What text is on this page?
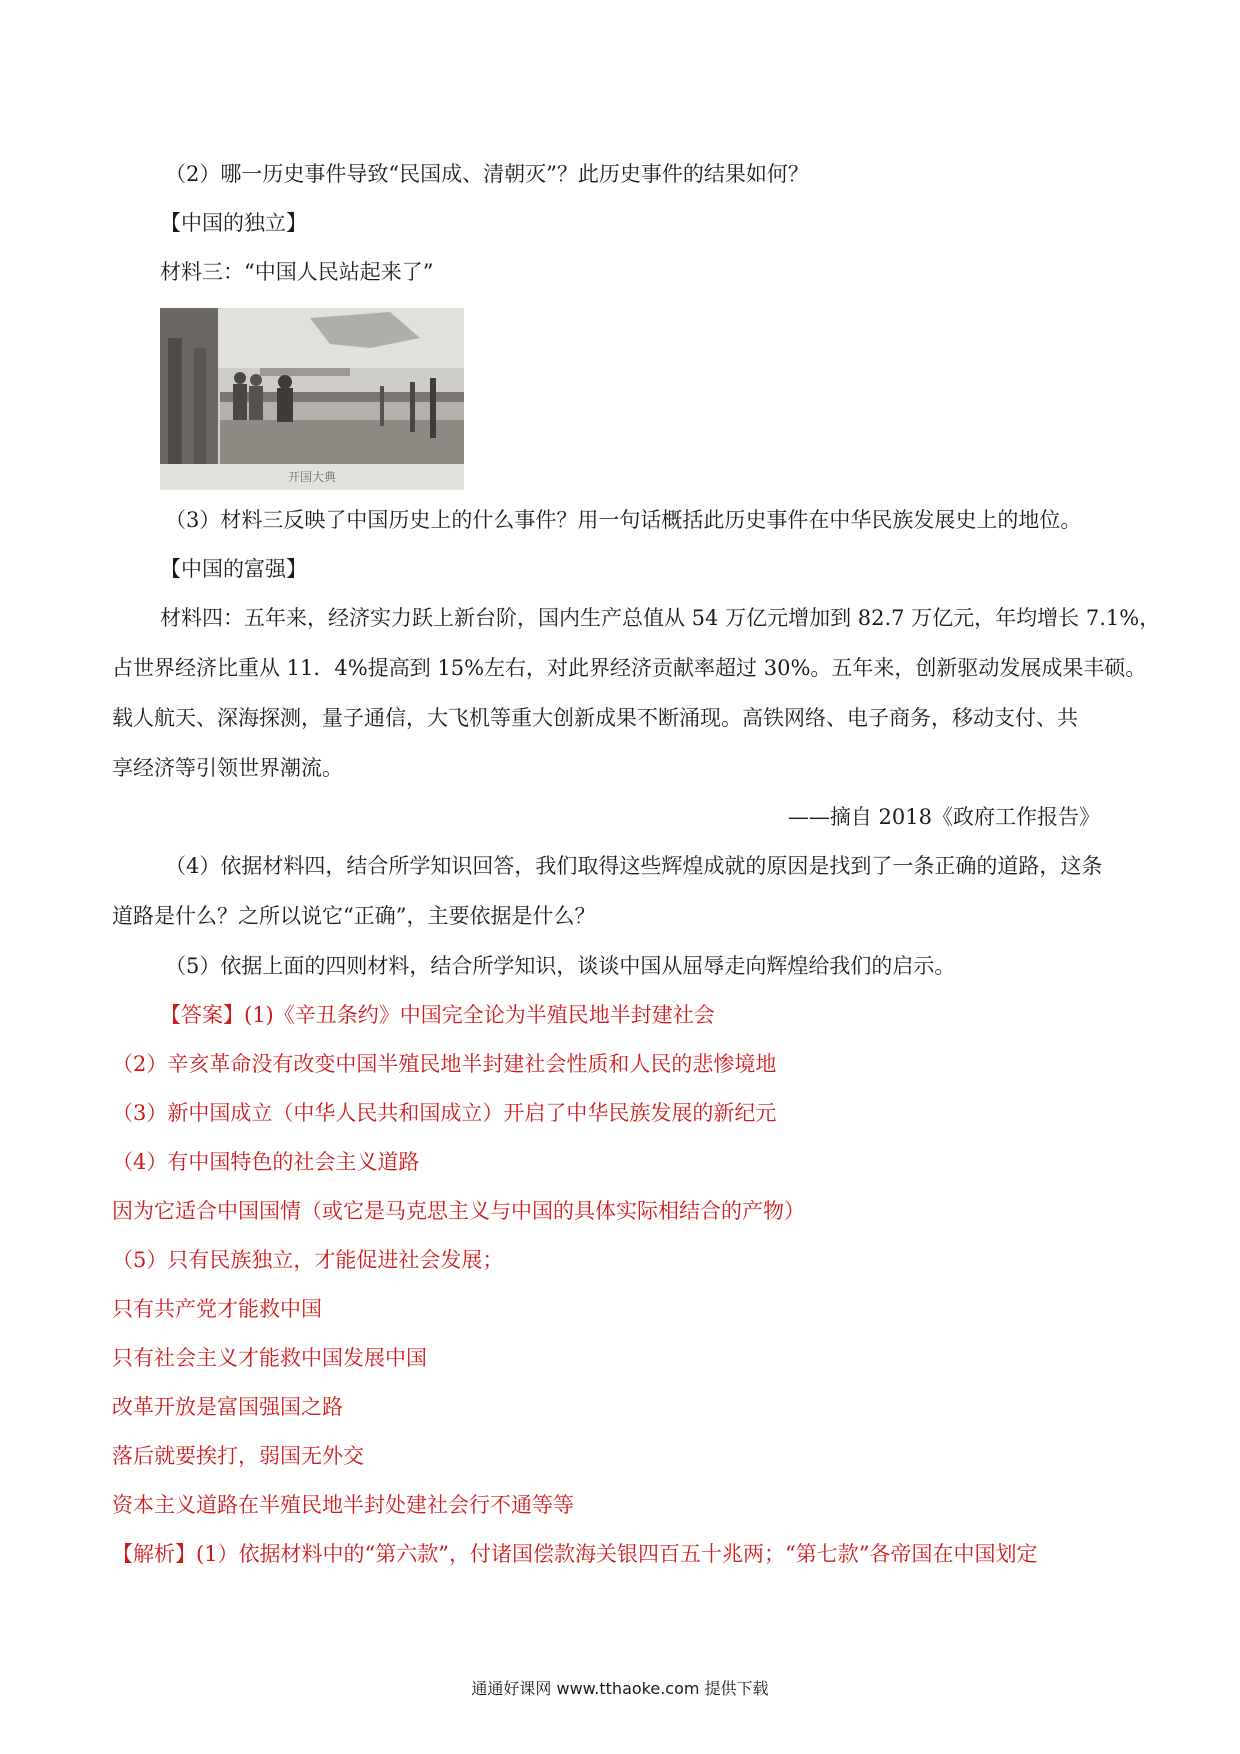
（2）哪一历史事件导致“民国成、清朝灭”？此历史事件的结果如何？
【中国的独立】
材料三：“中国人民站起来了”
开国大典
（3）材料三反映了中国历史上的什么事件？用一句话概括此历史事件在中华民族发展史上的地位。
【中国的富强】
材料四：五年来，经济实力跃上新台阶，国内生产总值从 54 万亿元增加到 82.7 万亿元，年均增长 7.1%，
占世界经济比重从 11．4%提高到 15%左右，对此界经济贡献率超过 30%。五年来，创新驱动发展成果丰硕。
载人航天、深海探测，量子通信，大飞机等重大创新成果不断涌现。高铁网络、电子商务，移动支付、共
享经济等引领世界潮流。
——摘自 2018《政府工作报告》
（4）依据材料四，结合所学知识回答，我们取得这些辉煌成就的原因是找到了一条正确的道路，这条
道路是什么？之所以说它“正确”，主要依据是什么？
（5）依据上面的四则材料，结合所学知识，谈谈中国从屈辱走向辉煌给我们的启示。
【答案】(1)《辛丑条约》中国完全论为半殖民地半封建社会
（2）辛亥革命没有改变中国半殖民地半封建社会性质和人民的悲惨境地
（3）新中国成立（中华人民共和国成立）开启了中华民族发展的新纪元
（4）有中国特色的社会主义道路
因为它适合中国国情（或它是马克思主义与中国的具体实际相结合的产物）
（5）只有民族独立，才能促进社会发展；
只有共产党才能救中国
只有社会主义才能救中国发展中国
改革开放是富国强国之路
落后就要挨打，弱国无外交
资本主义道路在半殖民地半封处建社会行不通等等
【解析】(1）依据材料中的“第六款”，付诸国偿款海关银四百五十兆两；“第七款”各帝国在中国划定
通通好课网 www.tthaoke.com 提供下载
